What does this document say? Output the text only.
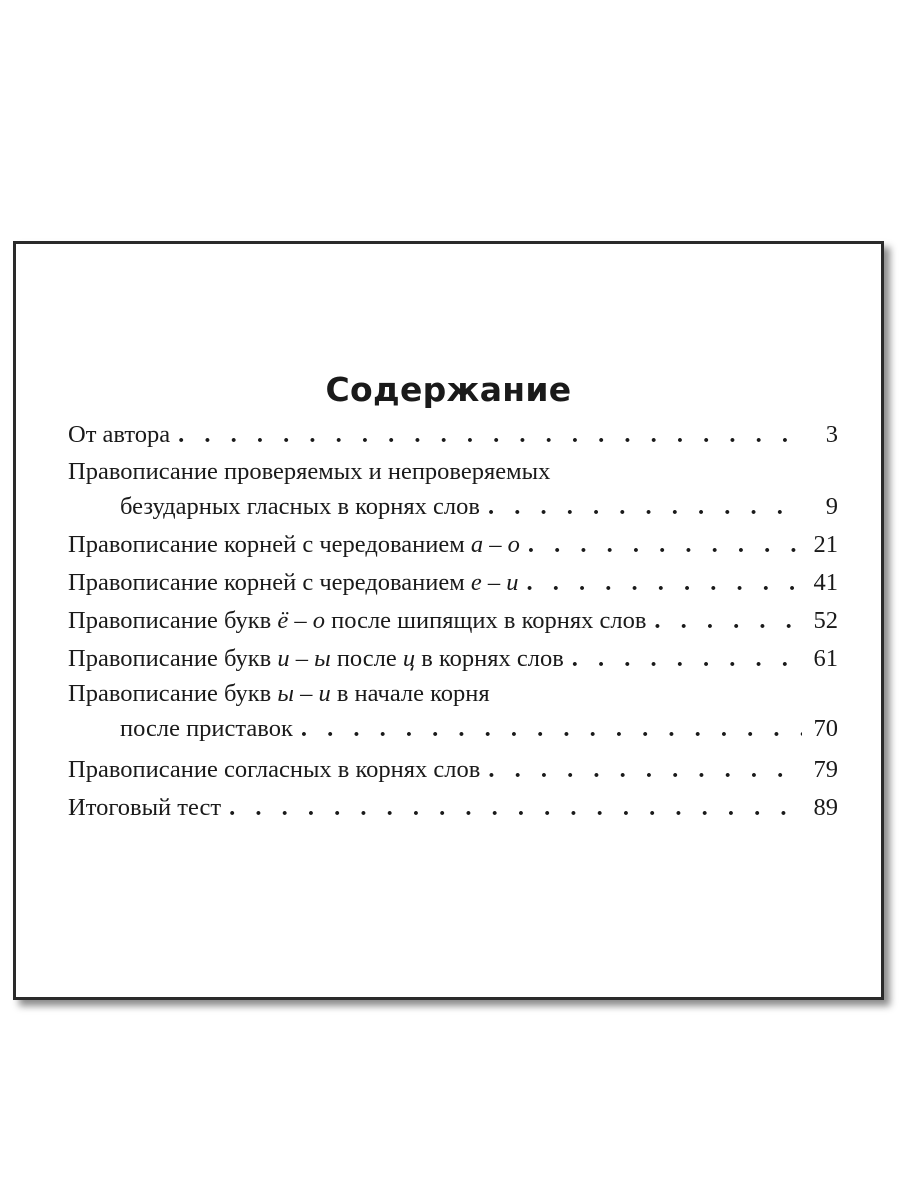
Содержание
От автора . . .	3
Правописание проверяемых и непроверяемых
безударных гласных в корнях слов . . .	9
Правописание корней с чередованием а – о . . .	21
Правописание корней с чередованием е – и . . .	41
Правописание букв ё – о после шипящих в корнях слов . . .	52
Правописание букв и – ы после ц в корнях слов . . .	61
Правописание букв ы – и в начале корня
после приставок . . .	70
Правописание согласных в корнях слов . . .	79
Итоговый тест . . .	89
